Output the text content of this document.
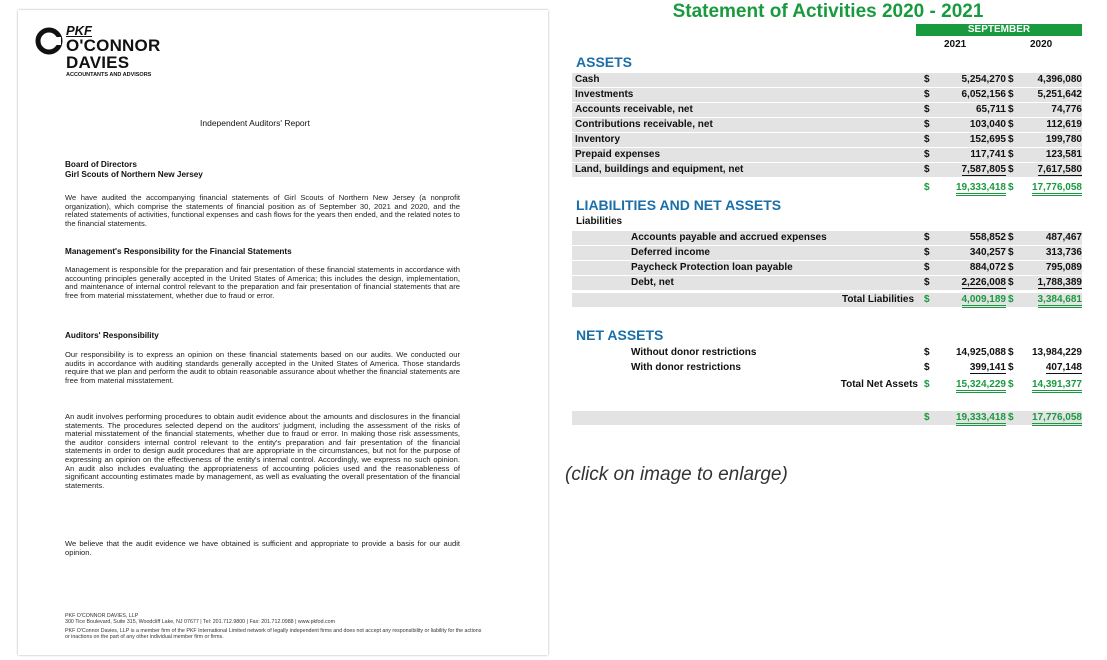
PKF
O'CONNOR
DAVIES
ACCOUNTANTS AND ADVISORS
Independent Auditors' Report
Board of Directors
Girl Scouts of Northern New Jersey
We have audited the accompanying financial statements of Girl Scouts of Northern New Jersey (a nonprofit organization), which comprise the statements of financial position as of September 30, 2021 and 2020, and the related statements of activities, functional expenses and cash flows for the years then ended, and the related notes to the financial statements.
Management's Responsibility for the Financial Statements
Management is responsible for the preparation and fair presentation of these financial statements in accordance with accounting principles generally accepted in the United States of America; this includes the design, implementation, and maintenance of internal control relevant to the preparation and fair presentation of financial statements that are free from material misstatement, whether due to fraud or error.
Auditors' Responsibility
Our responsibility is to express an opinion on these financial statements based on our audits. We conducted our audits in accordance with auditing standards generally accepted in the United States of America. Those standards require that we plan and perform the audit to obtain reasonable assurance about whether the financial statements are free from material misstatement.
An audit involves performing procedures to obtain audit evidence about the amounts and disclosures in the financial statements. The procedures selected depend on the auditors' judgment, including the assessment of the risks of material misstatement of the financial statements, whether due to fraud or error. In making those risk assessments, the auditor considers internal control relevant to the entity's preparation and fair presentation of the financial statements in order to design audit procedures that are appropriate in the circumstances, but not for the purpose of expressing an opinion on the effectiveness of the entity's internal control. Accordingly, we express no such opinion. An audit also includes evaluating the appropriateness of accounting policies used and the reasonableness of significant accounting estimates made by management, as well as evaluating the overall presentation of the financial statements.
We believe that the audit evidence we have obtained is sufficient and appropriate to provide a basis for our audit opinion.
PKF O'CONNOR DAVIES, LLP
300 Tice Boulevard, Suite 315, Woodcliff Lake, NJ 07677 | Tel: 201.712.9800 | Fax: 201.712.0988 | www.pkfod.com
PKF O'Connor Davies, LLP is a member firm of the PKF International Limited network of legally independent firms and does not accept any responsibility or liability for the actions or inactions on the part of any other individual member firm or firms.
Statement of Activities 2020 - 2021
SEPTEMBER
2021	2020
ASSETS
Cash	$	5,254,270 $	4,396,080
Investments	$	6,052,156 $	5,251,642
Accounts receivable, net	$	65,711 $	74,776
Contributions receivable, net	$	103,040 $	112,619
Inventory	$	152,695 $	199,780
Prepaid expenses	$	117,741 $	123,581
Land, buildings and equipment, net	$	7,587,805 $	7,617,580
$	19,333,418 $	17,776,058
LIABILITIES AND NET ASSETS
Liabilities
Accounts payable and accrued expenses	$	558,852 $	487,467
Deferred income	$	340,257 $	313,736
Paycheck Protection loan payable	$	884,072 $	795,089
Debt, net	$	2,226,008 $	1,788,389
Total Liabilities $	4,009,189 $	3,384,681
NET ASSETS
Without donor restrictions	$	14,925,088 $	13,984,229
With donor restrictions	$	399,141 $	407,148
Total Net Assets $	15,324,229 $	14,391,377
$	19,333,418 $	17,776,058
(click on image to enlarge)
